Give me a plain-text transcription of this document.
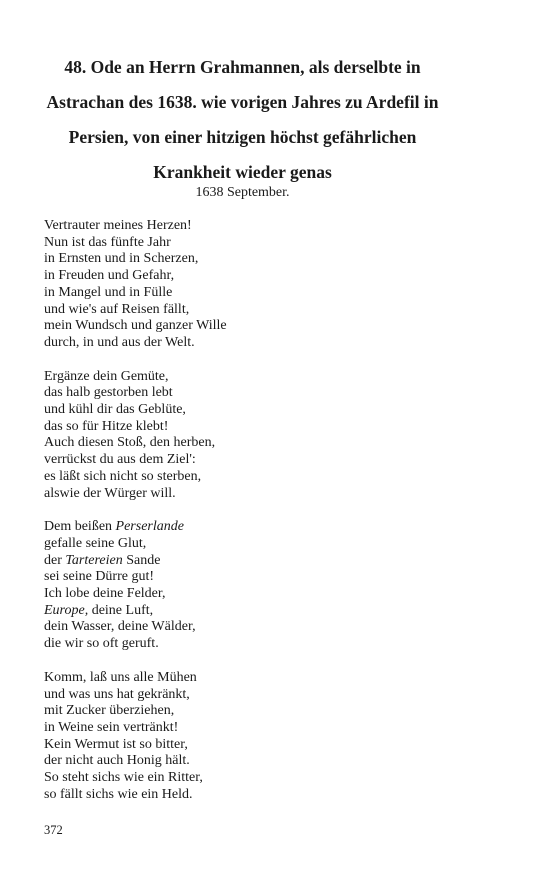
48. Ode an Herrn Grahmannen, als derselbte in
Astrachan des 1638. wie vorigen Jahres zu Ardefil in
Persien, von einer hitzigen höchst gefährlichen
Krankheit wieder genas
1638 September.
Vertrauter meines Herzen!
Nun ist das fünfte Jahr
in Ernsten und in Scherzen,
in Freuden und Gefahr,
in Mangel und in Fülle
und wie's auf Reisen fällt,
mein Wundsch und ganzer Wille
durch, in und aus der Welt.
Ergänze dein Gemüte,
das halb gestorben lebt
und kühl dir das Geblüte,
das so für Hitze klebt!
Auch diesen Stoß, den herben,
verrückst du aus dem Ziel':
es läßt sich nicht so sterben,
alswie der Würger will.
Dem beißen Perserlande
gefalle seine Glut,
der Tartereien Sande
sei seine Dürre gut!
Ich lobe deine Felder,
Europe, deine Luft,
dein Wasser, deine Wälder,
die wir so oft geruft.
Komm, laß uns alle Mühen
und was uns hat gekränkt,
mit Zucker überziehen,
in Weine sein vertränkt!
Kein Wermut ist so bitter,
der nicht auch Honig hält.
So steht sichs wie ein Ritter,
so fällt sichs wie ein Held.
372
